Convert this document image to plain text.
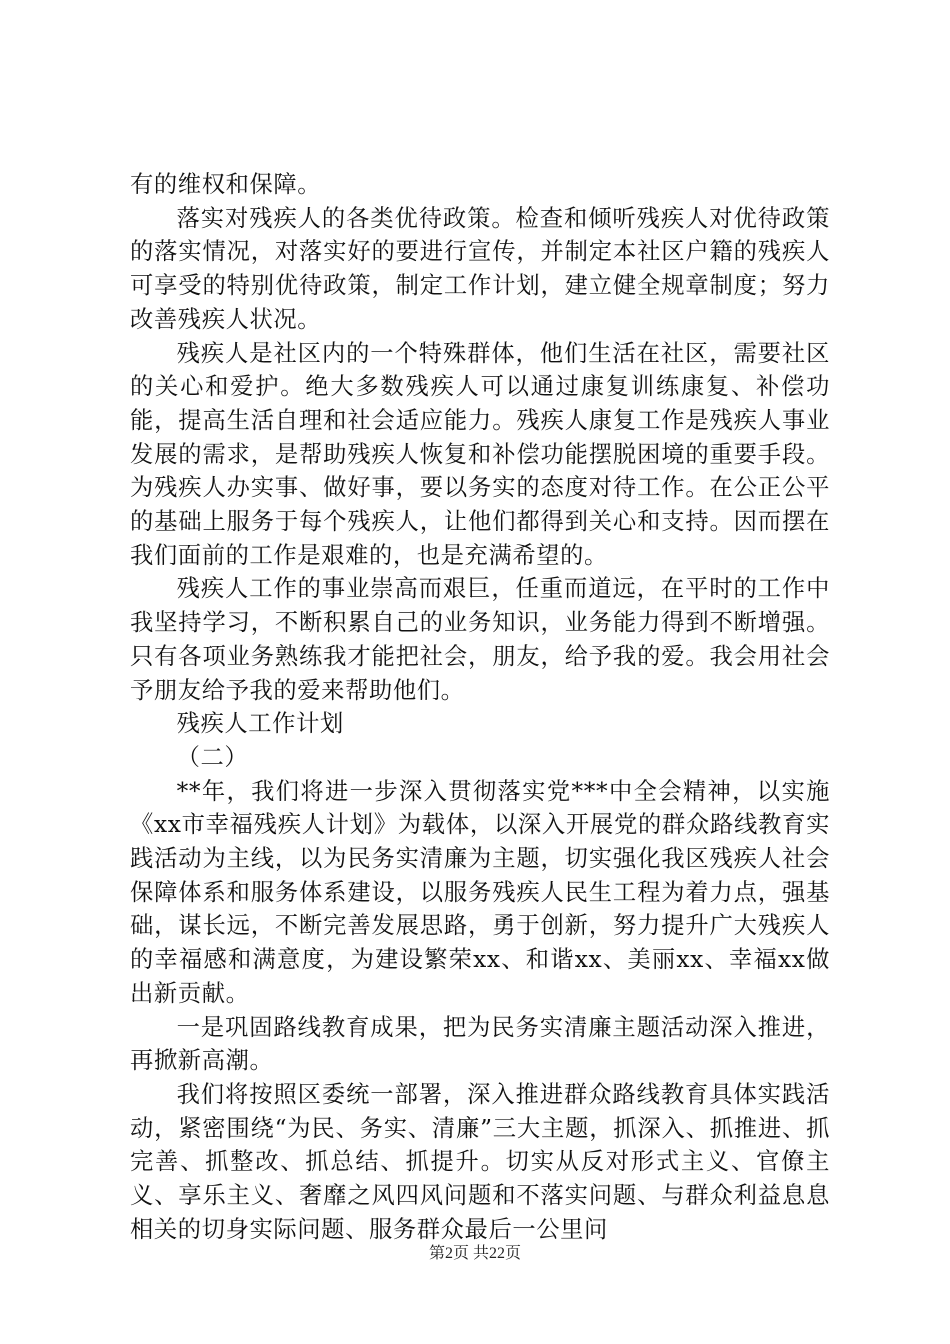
有的维权和保障。

落实对残疾人的各类优待政策。检查和倾听残疾人对优待政策的落实情况，对落实好的要进行宣传，并制定本社区户籍的残疾人可享受的特别优待政策，制定工作计划，建立健全规章制度；努力改善残疾人状况。

残疾人是社区内的一个特殊群体，他们生活在社区，需要社区的关心和爱护。绝大多数残疾人可以通过康复训练康复、补偿功能，提高生活自理和社会适应能力。残疾人康复工作是残疾人事业发展的需求，是帮助残疾人恢复和补偿功能摆脱困境的重要手段。为残疾人办实事、做好事，要以务实的态度对待工作。在公正公平的基础上服务于每个残疾人，让他们都得到关心和支持。因而摆在我们面前的工作是艰难的，也是充满希望的。

残疾人工作的事业崇高而艰巨，任重而道远，在平时的工作中我坚持学习，不断积累自己的业务知识，业务能力得到不断增强。只有各项业务熟练我才能把社会，朋友，给予我的爱。我会用社会予朋友给予我的爱来帮助他们。

残疾人工作计划

（二）

**年，我们将进一步深入贯彻落实党***中全会精神，以实施《xx市幸福残疾人计划》为载体，以深入开展党的群众路线教育实践活动为主线，以为民务实清廉为主题，切实强化我区残疾人社会保障体系和服务体系建设，以服务残疾人民生工程为着力点，强基础，谋长远，不断完善发展思路，勇于创新，努力提升广大残疾人的幸福感和满意度，为建设繁荣xx、和谐xx、美丽xx、幸福xx做出新贡献。

一是巩固路线教育成果，把为民务实清廉主题活动深入推进，再掀新高潮。

我们将按照区委统一部署，深入推进群众路线教育具体实践活动，紧密围绕“为民、务实、清廉”三大主题，抓深入、抓推进、抓完善、抓整改、抓总结、抓提升。切实从反对形式主义、官僚主义、享乐主义、奢靡之风四风问题和不落实问题、与群众利益息息相关的切身实际问题、服务群众最后一公里问

第2页 共22页
